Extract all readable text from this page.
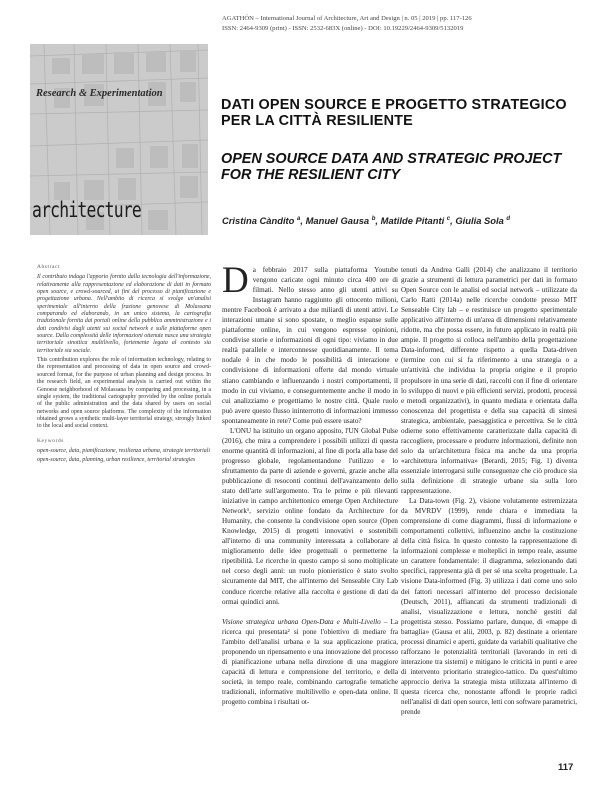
AGATHÓN – International Journal of Architecture, Art and Design | n. 05 | 2019 | pp. 117-126
ISSN: 2464-9309 (print) - ISSN: 2532-683X (online) - DOI: 10.19229/2464-9309/5132019
Research & Experimentation
architecture
DATI OPEN SOURCE E PROGETTO STRATEGICO PER LA CITTÀ RESILIENTE
OPEN SOURCE DATA AND STRATEGIC PROJECT FOR THE RESILIENT CITY
Cristina Càndito $^a$, Manuel Gausa $^b$, Matilde Pitanti $^c$, Giulia Sola $^d$
Abstract
Il contributo indaga l'apporto fornito dalla tecnologia dell'informazione, relativamente alla rappresentazione ed elaborazione di dati in formato open source, e crowd-sourced, ai fini del processo di pianificazione e progettazione urbana. Nell'ambito di ricerca si svolge un'analisi sperimentale all'interno della frazione genovese di Molassana comparando ed elaborando, in un unico sistema, la cartografia tradizionale fornita dai portali online della pubblica amministrazione e i dati condivisi dagli utenti sui social network e sulle piattaforme open source. Dalla complessità delle informazioni ottenute nasce una strategia territoriale sinottica multilivello, fortemente legata al contesto sia territoriale sia sociale.
This contribution explores the role of information technology, relating to the representation and processing of data in open source and crowd-sourced format, for the purpose of urban planning and design process. In the research field, an experimental analysis is carried out within the Genoese neighborhood of Molassana by comparing and processing, in a single system, the traditional cartography provided by the online portals of the public administration and the data shared by users on social networks and open source platforms. The complexity of the information obtained grows a synthetic multi-layer territorial strategy, strongly linked to the local and social context.
Keywords
open-source, data, pianificazione, resilienza urbana, strategie territoriali
open-source, data, planning, urban resilience, territorial strategies

Da febbraio 2017 sulla piattaforma Youtube vengono caricate ogni minuto circa 400 ore di filmati. Nello stesso anno gli utenti attivi su Instagram hanno raggiunto gli ottocento milioni, mentre Facebook è arrivato a due miliardi di utenti attivi. Le interazioni umane si sono spostate, o meglio espanse sulle piattaforme online, in cui vengono espresse opinioni, condivise storie e informazioni di ogni tipo: viviamo in due realtà parallele e interconnesse quotidianamente. Il tema nodale è in che modo le possibilità di interazione e condivisione di informazioni offerte dal mondo virtuale stiano cambiando e influenzando i nostri comportamenti, il modo in cui viviamo, e conseguentemente anche il modo in cui analizziamo e progettiamo le nostre città. Quale ruolo può avere questo flusso ininterrotto di informazioni immesso spontaneamente in rete? Come può essere usato?

L'ONU ha istituito un organo apposito, l'UN Global Pulse (2016), che mira a comprendere i possibili utilizzi di questa enorme quantità di informazioni, al fine di porla alla base del progresso globale, regolamentandone l'utilizzo e lo sfruttamento da parte di aziende e governi, grazie anche alla pubblicazione di resoconti continui dell'avanzamento dello stato dell'arte sull'argomento. Tra le prime e più rilevanti iniziative in campo architettonico emerge Open Architecture Network¹, servizio online fondato da Architecture for Humanity, che consente la condivisione open source (Open Knowledge, 2015) di progetti innovativi e sostenibili all'interno di una community interessata a collaborare al miglioramento delle idee progettuali o permetterne la ripetibilità. Le ricerche in questo campo si sono moltiplicate nel corso degli anni: un ruolo pionieristico è stato svolto sicuramente dal MIT, che all'interno del Senseable City Lab conduce ricerche relative alla raccolta e gestione di dati da ormai quindici anni.

Visione strategica urbana Open-Data e Multi-Livello – La ricerca qui presentata² si pone l'obiettivo di mediare fra l'ambito dell'analisi urbana e la sua applicazione pratica, proponendo un ripensamento e una innovazione del processo di pianificazione urbana nella direzione di una maggiore capacità di lettura e comprensione del territorio, e della società, in tempo reale, combinando cartografie tematiche tradizionali, informative multilivello e open-data online. Il progetto combina i risultati ot-

tenuti da Andrea Galli (2014) che analizzano il territorio grazie a strumenti di lettura parametrici per dati in formato Open Source con le analisi ed social network – utilizzate da Carlo Ratti (2014a) nelle ricerche condotte presso MIT Senseable City lab – e restituisce un progetto sperimentale applicativo all'interno di un'area di dimensioni relativamente ridotte, ma che possa essere, in futuro applicato in realtà più ampie. Il progetto si colloca nell'ambito della progettazione Data-informed, differente rispetto a quella Data-driven (termine con cui si fa riferimento a una strategia o a un'attività che individua la propria origine e il proprio propulsore in una serie di dati, raccolti con il fine di orientare lo sviluppo di nuovi e più efficienti servizi, prodotti, processi e metodi organizzativi), in quanto mediata e orientata dalla conoscenza del progettista e della sua capacità di sintesi strategica, ambientale, paesaggistica e percettiva. Se le città odierne sono effettivamente caratterizzate dalla capacità di raccogliere, processare e produrre informazioni, definite non solo da un'architettura fisica ma anche da una propria «architettura informativa» (Berardi, 2015; Fig. 1) diventa essenziale interrogarsi sulle conseguenze che ciò produce sia sulla definizione di strategie urbane sia sulla loro rappresentazione.

La Data-town (Fig. 2), visione volutamente estremizzata da MVRDV (1999), rende chiara e immediata la comprensione di come diagrammi, flussi di informazione e comportamenti collettivi, influenzino anche la costituzione della città fisica. In questo contesto la rappresentazione di informazioni complesse e molteplici in tempo reale, assume un carattere fondamentale: il diagramma, selezionando dati specifici, rappresenta già di per sé una scelta progettuale. La visione Data-informed (Fig. 3) utilizza i dati come uno solo dei fattori necessari all'interno del processo decisionale (Deutsch, 2011), affiancati da strumenti tradizionali di analisi, visualizzazione e lettura, nonché gestiti dal progettista stesso. Possiamo parlare, dunque, di «mappe di battaglia» (Gausa et alii, 2003, p. 82) destinate a orientare processi dinamici e aperti, guidate da variabili qualitative che rafforzano le potenzialità territoriali (lavorando in reti di interazione tra sistemi) e mitigano le criticità in punti e aree di intervento prioritario strategico-tattico. Da quest'ultimo approccio deriva la strategia mista utilizzata all'interno di questa ricerca che, nonostante affondi le proprie radici nell'analisi di dati open source, letti con software parametrici, prende

117
